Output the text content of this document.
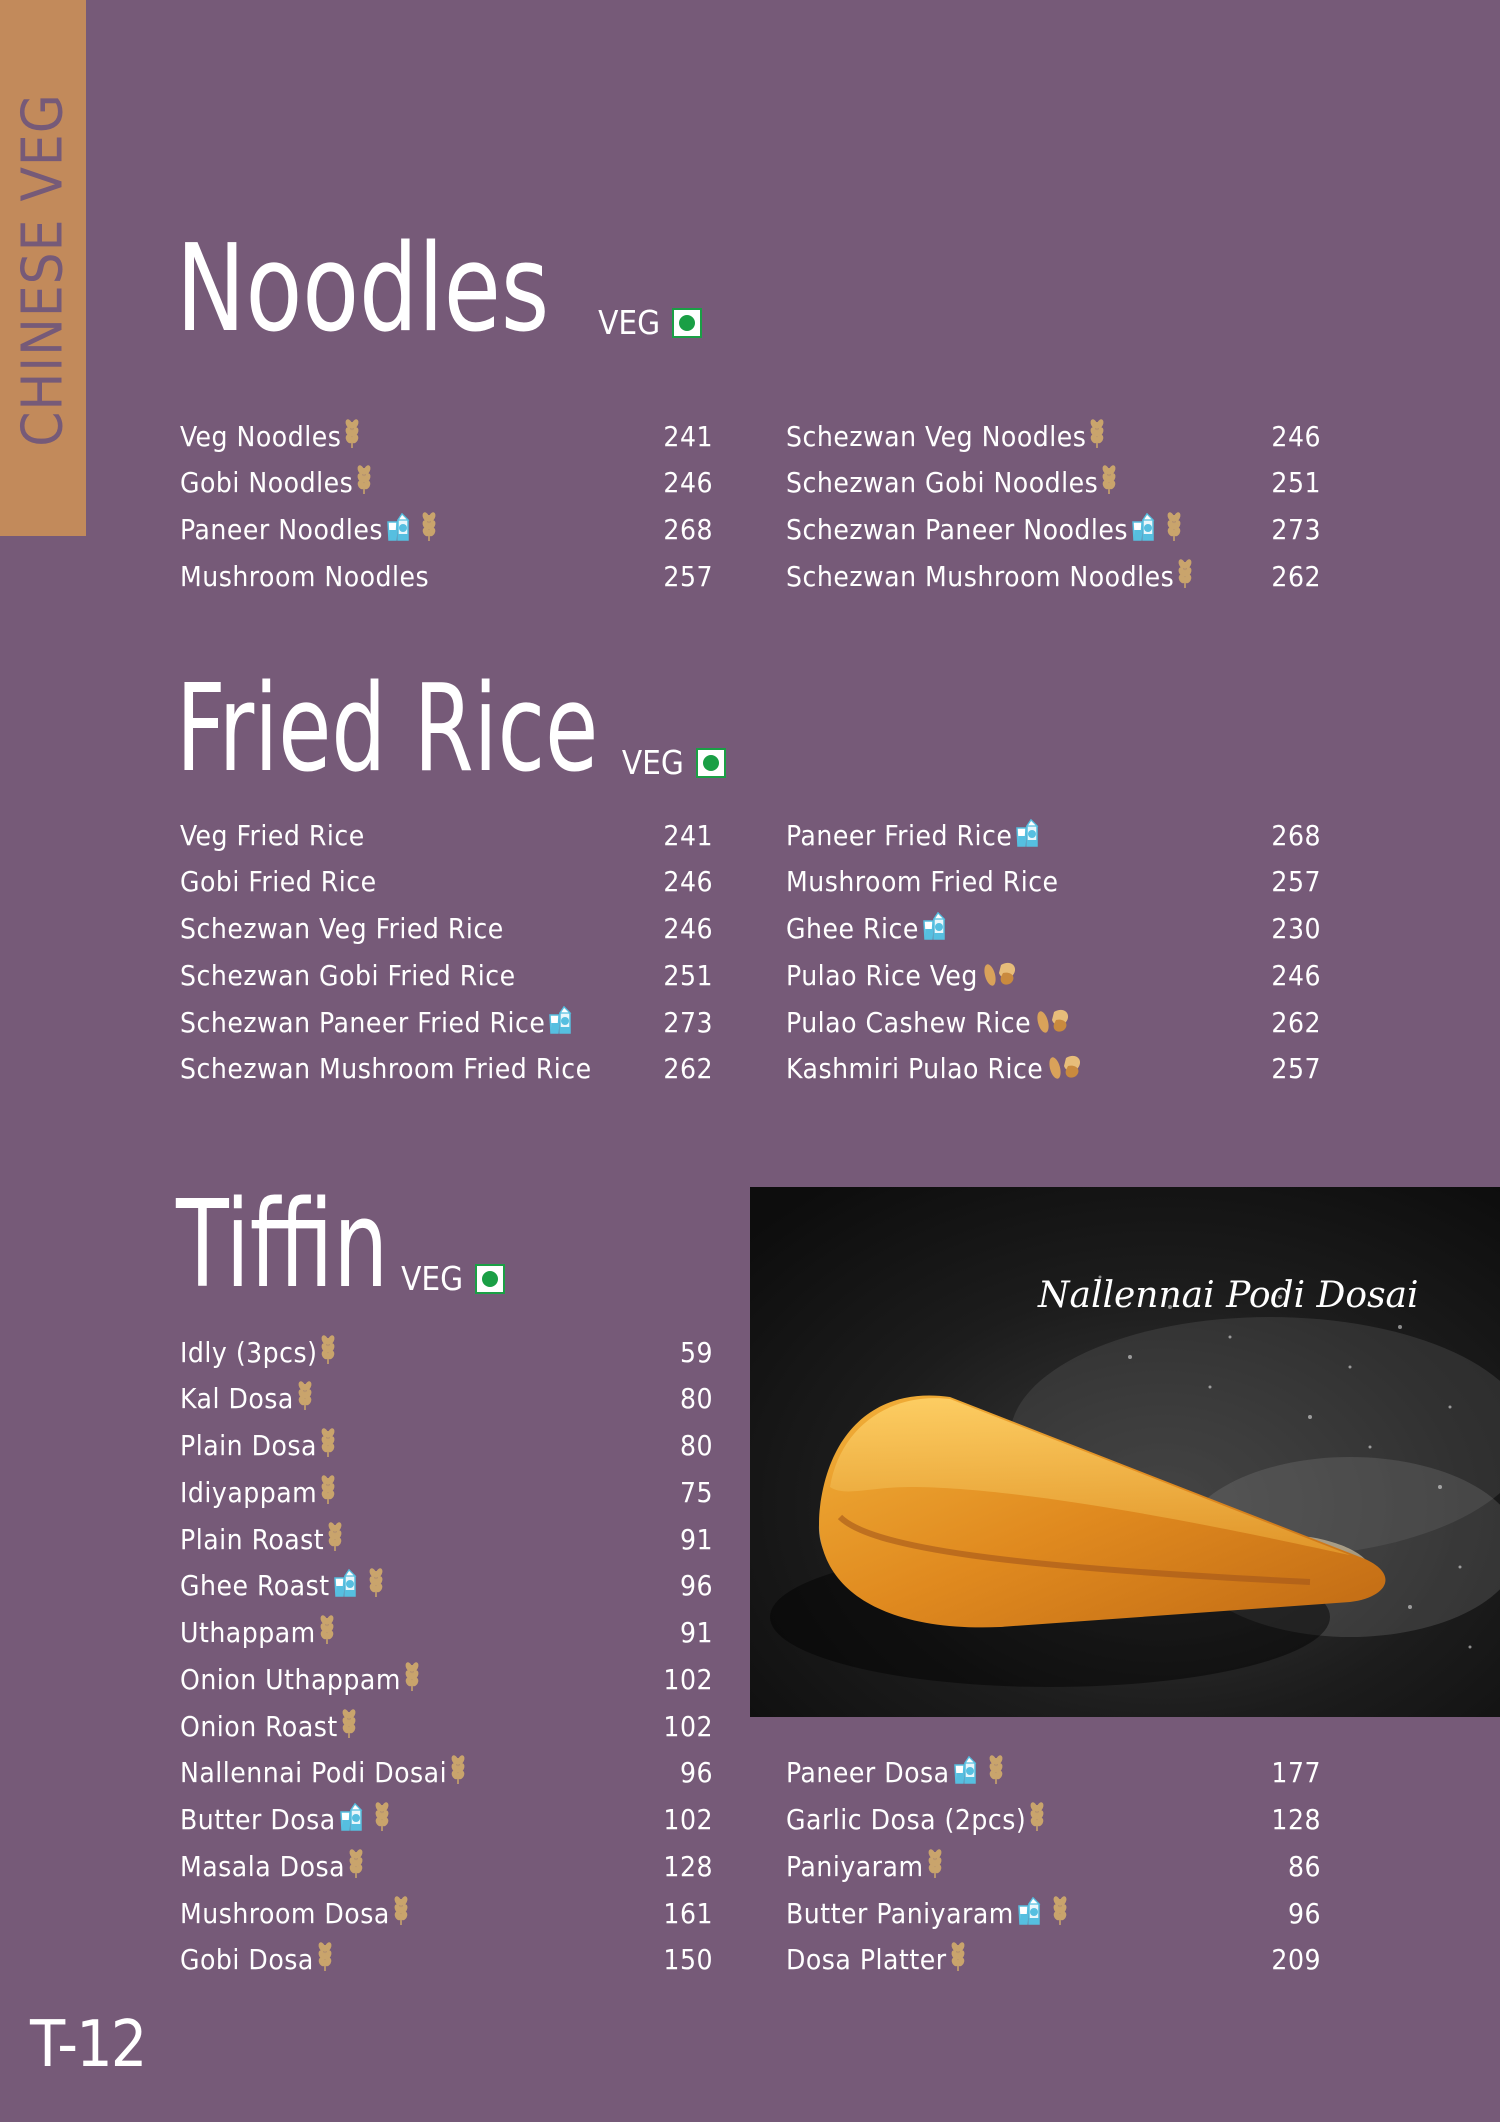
CHINESE VEG Noodles VEG
Fried Rice VEG
Tiffin VEG
Veg Noodles	241
Gobi Noodles	246
Paneer Noodles	268
Mushroom Noodles	257
Schezwan Veg Noodles	246
Schezwan Gobi Noodles	251
Schezwan Paneer Noodles	273
Schezwan Mushroom Noodles	262
Veg Fried Rice	241
Gobi Fried Rice	246
Schezwan Veg Fried Rice	246
Schezwan Gobi Fried Rice	251
Schezwan Paneer Fried Rice	273
Schezwan Mushroom Fried Rice	262
Paneer Fried Rice	268
Mushroom Fried Rice	257
Ghee Rice	230
Pulao Rice Veg	246
Pulao Cashew Rice	262
Kashmiri Pulao Rice	257
Idly (3pcs)	59
Kal Dosa	80
Plain Dosa	80
Idiyappam	75
Plain Roast	91
Ghee Roast	96
Uthappam	91
Onion Uthappam	102
Onion Roast	102
Nallennai Podi Dosai	96
Butter Dosa	102
Masala Dosa	128
Mushroom Dosa	161
Gobi Dosa	150
Paneer Dosa	177
Garlic Dosa (2pcs)	128
Paniyaram	86
Butter Paniyaram	96
Dosa Platter	209
Nallennai Podi Dosai
T-12
